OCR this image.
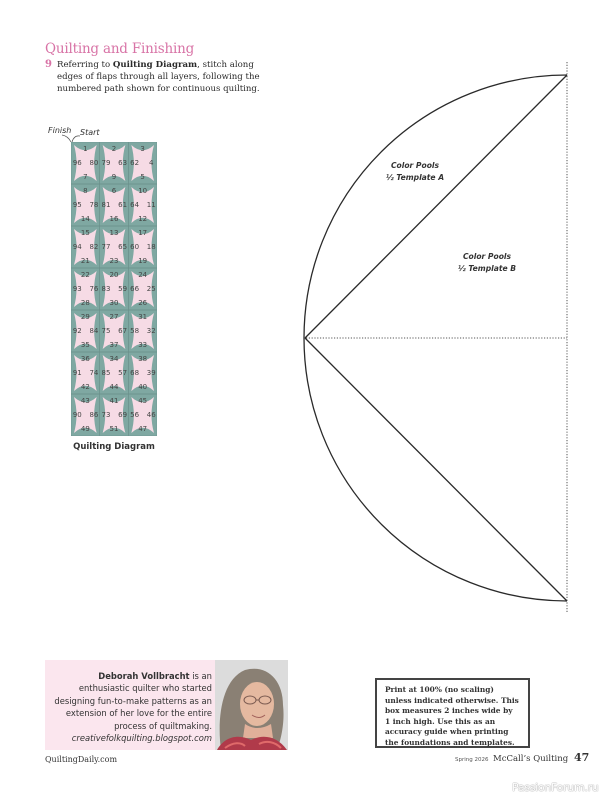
Quilting and Finishing
9 Referring to Quilting Diagram, stitch along edges of flaps through all layers, following the numbered path shown for continuous quilting.
Finish Start
1
96 80
7
2
79 63
9
3
62 4
5
8
95 78
14
6
81 61
16
10
64 11
12
15
94 82
21
13
77 65
23
17
60 18
19
22
93 76
28
20
83 59
30
24
66 25
26
29
92 84
35
27
75 67
37
31
58 32
33
36
91 74
42
34
85 57
44
38
68 39
40
43
90 86
49
41
73 69
51
45
56 46
47
Quilting Diagram
Color Pools
½ Template A
Color Pools
½ Template B
Deborah Vollbracht is an enthusiastic quilter who started designing fun-to-make patterns as an extension of her love for the entire process of quiltmaking.
creativefolkquilting.blogspot.com
Print at 100% (no scaling) unless indicated otherwise. This box measures 2 inches wide by 1 inch high. Use this as an accuracy guide when printing the foundations and templates.
QuiltingDaily.com	Spring 2026 McCall’s Quilting 47
PassionForum.ru
